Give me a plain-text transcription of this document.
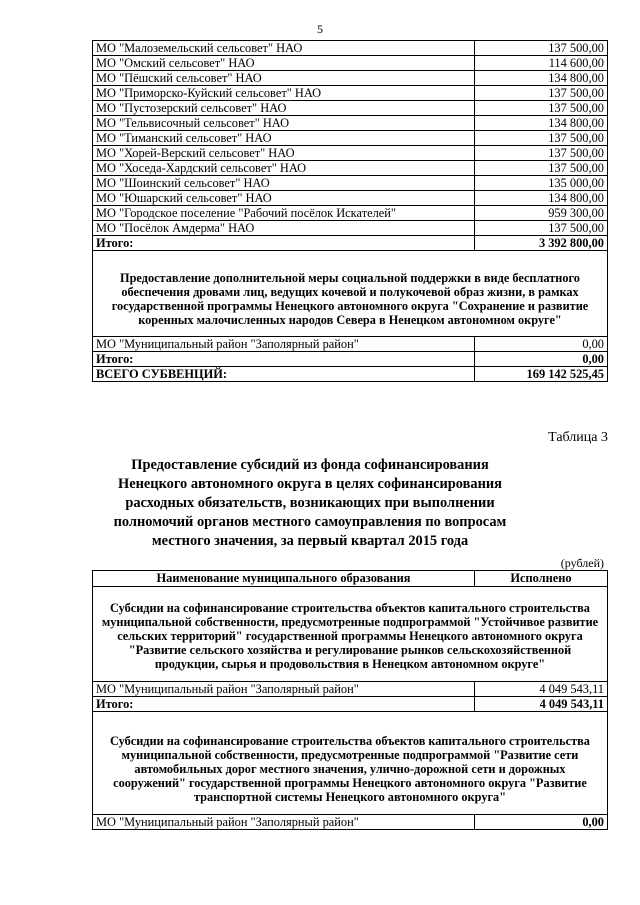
5
МО "Малоземельский сельсовет" НАО	137 500,00
МО "Омский сельсовет" НАО	114 600,00
МО "Пёшский сельсовет" НАО	134 800,00
МО "Приморско-Куйский сельсовет" НАО	137 500,00
МО "Пустозерский сельсовет" НАО	137 500,00
МО "Тельвисочный сельсовет" НАО	134 800,00
МО "Тиманский сельсовет" НАО	137 500,00
МО "Хорей-Верский сельсовет" НАО	137 500,00
МО "Хоседа-Хардский сельсовет" НАО	137 500,00
МО "Шоинский сельсовет" НАО	135 000,00
МО "Юшарский сельсовет" НАО	134 800,00
МО "Городское поселение "Рабочий посёлок Искателей"	959 300,00
МО "Посёлок Амдерма" НАО	137 500,00
Итого:	3 392 800,00
Предоставление дополнительной меры социальной поддержки в виде бесплатного обеспечения дровами лиц, ведущих кочевой и полукочевой образ жизни, в рамках государственной программы Ненецкого автономного округа "Сохранение и развитие коренных малочисленных народов Севера в Ненецком автономном округе"	
МО "Муниципальный район "Заполярный район"	0,00
Итого:	0,00
ВСЕГО СУБВЕНЦИЙ:	169 142 525,45
Таблица 3
Предоставление субсидий из фонда софинансирования Ненецкого автономного округа в целях софинансирования расходных обязательств, возникающих при выполнении полномочий органов местного самоуправления по вопросам местного значения, за первый квартал 2015 года
(рублей)
Наименование муниципального образования	Исполнено
Субсидии на софинансирование строительства объектов капитального строительства муниципальной собственности, предусмотренные подпрограммой "Устойчивое развитие сельских территорий" государственной программы Ненецкого автономного округа "Развитие сельского хозяйства и регулирование рынков сельскохозяйственной продукции, сырья и продовольствия в Ненецком автономном округе"	
МО "Муниципальный район "Заполярный район"	4 049 543,11
Итого:	4 049 543,11
Субсидии на софинансирование строительства объектов капитального строительства муниципальной собственности, предусмотренные подпрограммой "Развитие сети автомобильных дорог местного значения, улично-дорожной сети и дорожных сооружений" государственной программы Ненецкого автономного округа "Развитие транспортной системы Ненецкого автономного округа"	
МО "Муниципальный район "Заполярный район"	0,00
